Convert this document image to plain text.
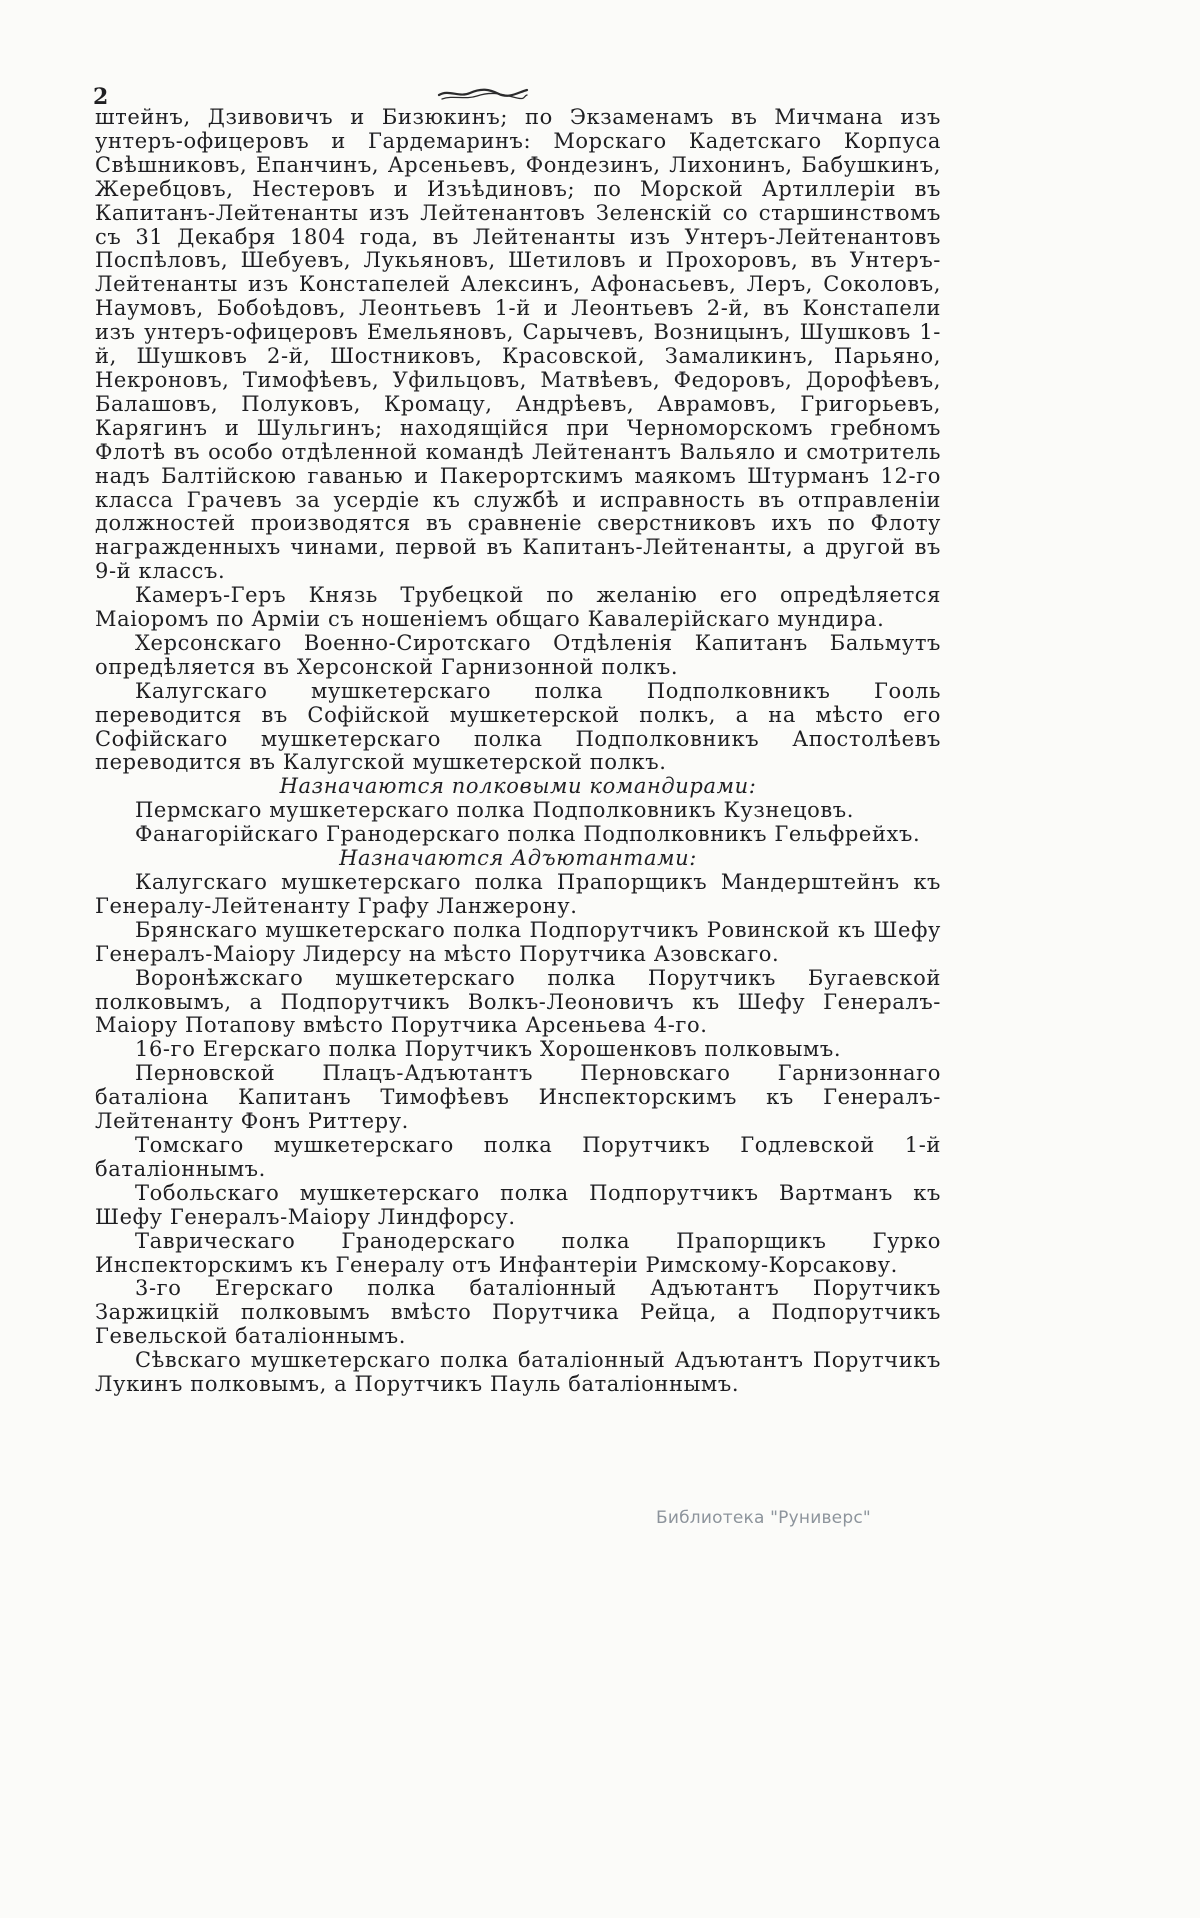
2

штейнъ, Дзивовичъ и Бизюкинъ; по Экзаменамъ въ Мичмана изъ унтеръ-офицеровъ и Гардемаринъ: Морскаго Кадетскаго Корпуса Свѣшниковъ, Епанчинъ, Арсеньевъ, Фондезинъ, Лихонинъ, Бабушкинъ, Жеребцовъ, Нестеровъ и Изъѣдиновъ; по Морской Артиллеріи въ Капитанъ-Лейтенанты изъ Лейтенантовъ Зеленскій со старшинствомъ съ 31 Декабря 1804 года, въ Лейтенанты изъ Унтеръ-Лейтенантовъ Поспѣловъ, Шебуевъ, Лукьяновъ, Шетиловъ и Прохоровъ, въ Унтеръ-Лейтенанты изъ Констапелей Алексинъ, Афонасьевъ, Леръ, Соколовъ, Наумовъ, Бобоѣдовъ, Леонтьевъ 1-й и Леонтьевъ 2-й, въ Констапели изъ унтеръ-офицеровъ Емельяновъ, Сарычевъ, Возницынъ, Шушковъ 1-й, Шушковъ 2-й, Шостниковъ, Красовской, Замаликинъ, Парьяно, Некроновъ, Тимофѣевъ, Уфильцовъ, Матвѣевъ, Федоровъ, Дорофѣевъ, Балашовъ, Полуковъ, Кромацу, Андрѣевъ, Аврамовъ, Григорьевъ, Карягинъ и Шульгинъ; находящійся при Черноморскомъ гребномъ Флотѣ въ особо отдѣленной командѣ Лейтенантъ Вальяло и смотритель надъ Балтійскою гаванью и Пакерортскимъ маякомъ Штурманъ 12-го класса Грачевъ за усердіе къ службѣ и исправность въ отправленіи должностей производятся въ сравненіе сверстниковъ ихъ по Флоту награжденныхъ чинами, первой въ Капитанъ-Лейтенанты, а другой въ 9-й классъ.

Камеръ-Геръ Князь Трубецкой по желанію его опредѣляется Маіоромъ по Арміи съ ношеніемъ общаго Кавалерійскаго мундира.

Херсонскаго Военно-Сиротскаго Отдѣленія Капитанъ Бальмутъ опредѣляется въ Херсонской Гарнизонной полкъ.

Калугскаго мушкетерскаго полка Подполковникъ Гооль переводится въ Софійской мушкетерской полкъ, а на мѣсто его Софійскаго мушкетерскаго полка Подполковникъ Апостолѣевъ переводится въ Калугской мушкетерской полкъ.

Назначаются полковыми командирами:

Пермскаго мушкетерскаго полка Подполковникъ Кузнецовъ.

Фанагорійскаго Гранодерскаго полка Подполковникъ Гельфрейхъ.

Назначаются Адъютантами:

Калугскаго мушкетерскаго полка Прапорщикъ Мандерштейнъ къ Генералу-Лейтенанту Графу Ланжерону.

Брянскаго мушкетерскаго полка Подпорутчикъ Ровинской къ Шефу Генералъ-Маіору Лидерсу на мѣсто Порутчика Азовскаго.

Воронѣжскаго мушкетерскаго полка Порутчикъ Бугаевской полковымъ, а Подпорутчикъ Волкъ-Леоновичъ къ Шефу Генералъ-Маіору Потапову вмѣсто Порутчика Арсеньева 4-го.

16-го Егерскаго полка Порутчикъ Хорошенковъ полковымъ.

Перновской Плацъ-Адъютантъ Перновскаго Гарнизоннаго баталіона Капитанъ Тимофѣевъ Инспекторскимъ къ Генералъ-Лейтенанту Фонъ Риттеру.

Томскаго мушкетерскаго полка Порутчикъ Годлевской 1-й баталіоннымъ.

Тобольскаго мушкетерскаго полка Подпорутчикъ Вартманъ къ Шефу Генералъ-Маіору Линдфорсу.

Таврическаго Гранодерскаго полка Прапорщикъ Гурко Инспекторскимъ къ Генералу отъ Инфантеріи Римскому-Корсакову.

3-го Егерскаго полка баталіонный Адъютантъ Порутчикъ Заржицкій полковымъ вмѣсто Порутчика Рейца, а Подпорутчикъ Гевельской баталіоннымъ.

Сѣвскаго мушкетерскаго полка баталіонный Адъютантъ Порутчикъ Лукинъ полковымъ, а Порутчикъ Пауль баталіоннымъ.

Библиотека "Руниверс"
